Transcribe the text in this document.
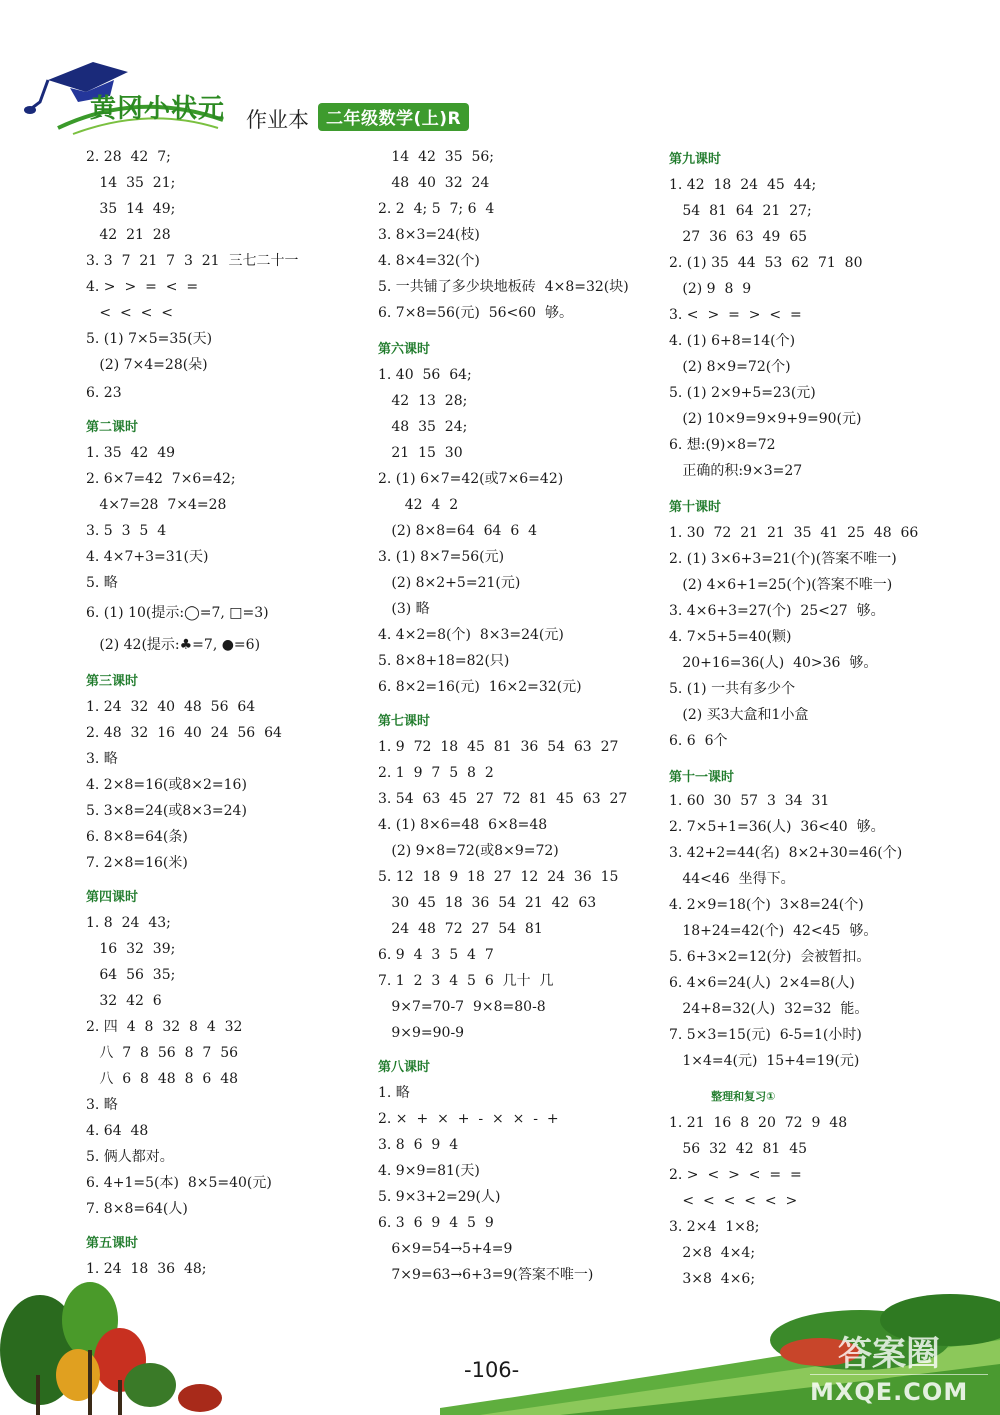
黄冈小状元 作业本	二年级数学(上)R
2. 28  42  7;
14  35  21;
35  14  49;
42  21  28
3. 3  7  21  7  3  21  三七二十一
4. >  >  =  <  =
<  <  <  <
5. (1) 7×5=35(天)
(2) 7×4=28(朵)
6. 23
第二课时
1. 35  42  49
2. 6×7=42  7×6=42;
4×7=28  7×4=28
3. 5  3  5  4
4. 4×7+3=31(天)
5. 略
6. (1) 10(提示:◯=7, □=3)
(2) 42(提示:♣=7, ●=6)
第三课时
1. 24  32  40  48  56  64
2. 48  32  16  40  24  56  64
3. 略
4. 2×8=16(或8×2=16)
5. 3×8=24(或8×3=24)
6. 8×8=64(条)
7. 2×8=16(米)
第四课时
1. 8  24  43;
16  32  39;
64  56  35;
32  42  6
2. 四  4  8  32  8  4  32
八  7  8  56  8  7  56
八  6  8  48  8  6  48
3. 略
4. 64  48
5. 俩人都对。
6. 4+1=5(本)  8×5=40(元)
7. 8×8=64(人)
第五课时
1. 24  18  36  48;
14  42  35  56;
48  40  32  24
2. 2  4; 5  7; 6  4
3. 8×3=24(枝)
4. 8×4=32(个)
5. 一共铺了多少块地板砖  4×8=32(块)
6. 7×8=56(元)  56<60  够。
第六课时
1. 40  56  64;
42  13  28;
48  35  24;
21  15  30
2. (1) 6×7=42(或7×6=42)
42  4  2
(2) 8×8=64  64  6  4
3. (1) 8×7=56(元)
(2) 8×2+5=21(元)
(3) 略
4. 4×2=8(个)  8×3=24(元)
5. 8×8+18=82(只)
6. 8×2=16(元)  16×2=32(元)
第七课时
1. 9  72  18  45  81  36  54  63  27
2. 1  9  7  5  8  2
3. 54  63  45  27  72  81  45  63  27
4. (1) 8×6=48  6×8=48
(2) 9×8=72(或8×9=72)
5. 12  18  9  18  27  12  24  36  15
30  45  18  36  54  21  42  63
24  48  72  27  54  81
6. 9  4  3  5  4  7
7. 1  2  3  4  5  6  几十  几
9×7=70-7  9×8=80-8
9×9=90-9
第八课时
1. 略
2. ×  +  ×  +  -  ×  ×  -  +
3. 8  6  9  4
4. 9×9=81(天)
5. 9×3+2=29(人)
6. 3  6  9  4  5  9
6×9=54→5+4=9
7×9=63→6+3=9(答案不唯一)
第九课时
1. 42  18  24  45  44;
54  81  64  21  27;
27  36  63  49  65
2. (1) 35  44  53  62  71  80
(2) 9  8  9
3. <  >  =  >  <  =
4. (1) 6+8=14(个)
(2) 8×9=72(个)
5. (1) 2×9+5=23(元)
(2) 10×9=9×9+9=90(元)
6. 想:(9)×8=72
正确的积:9×3=27
第十课时
1. 30  72  21  21  35  41  25  48  66
2. (1) 3×6+3=21(个)(答案不唯一)
(2) 4×6+1=25(个)(答案不唯一)
3. 4×6+3=27(个)  25<27  够。
4. 7×5+5=40(颗)
20+16=36(人)  40>36  够。
5. (1) 一共有多少个
(2) 买3大盒和1小盒
6. 6  6个
第十一课时
1. 60  30  57  3  34  31
2. 7×5+1=36(人)  36<40  够。
3. 42+2=44(名)  8×2+30=46(个)
44<46  坐得下。
4. 2×9=18(个)  3×8=24(个)
18+24=42(个)  42<45  够。
5. 6+3×2=12(分)  会被暂扣。
6. 4×6=24(人)  2×4=8(人)
24+8=32(人)  32=32  能。
7. 5×3=15(元)  6-5=1(小时)
1×4=4(元)  15+4=19(元)
整理和复习①
1. 21  16  8  20  72  9  48
56  32  42  81  45
2. >  <  >  <  =  =
<  <  <  <  <  >
3. 2×4  1×8;
2×8  4×4;
3×8  4×6;
答案圈
MXQE.COM
-106-
